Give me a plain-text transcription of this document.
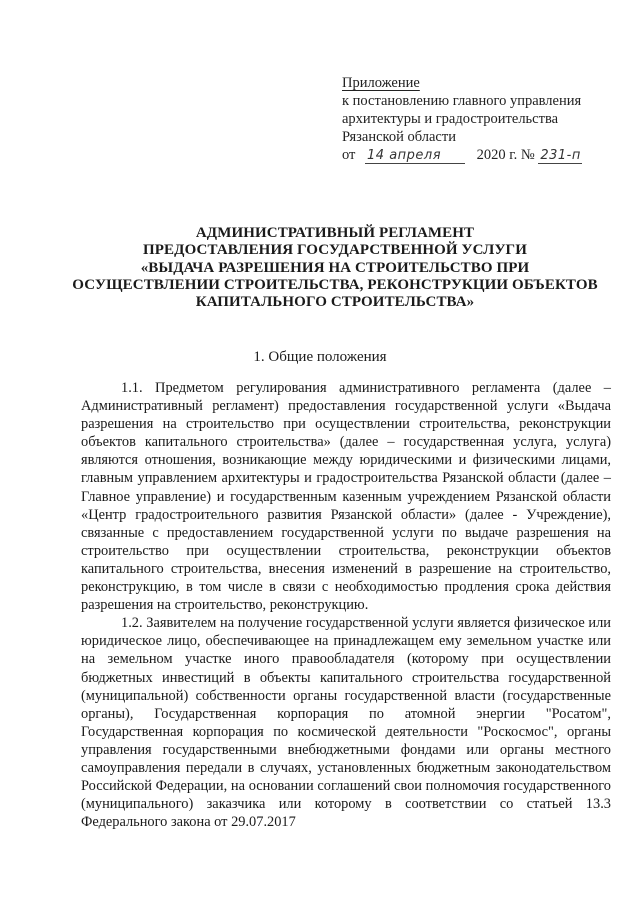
Приложение
к постановлению главного управления
архитектуры и градостроительства
Рязанской области
от 14 апреля 2020 г. № 231-п
АДМИНИСТРАТИВНЫЙ РЕГЛАМЕНТ
ПРЕДОСТАВЛЕНИЯ ГОСУДАРСТВЕННОЙ УСЛУГИ
«ВЫДАЧА РАЗРЕШЕНИЯ НА СТРОИТЕЛЬСТВО ПРИ
ОСУЩЕСТВЛЕНИИ СТРОИТЕЛЬСТВА, РЕКОНСТРУКЦИИ ОБЪЕКТОВ
КАПИТАЛЬНОГО СТРОИТЕЛЬСТВА»
1. Общие положения

1.1. Предметом регулирования административного регламента (далее – Административный регламент) предоставления государственной услуги «Выдача разрешения на строительство при осуществлении строительства, реконструкции объектов капитального строительства» (далее – государственная услуга, услуга) являются отношения, возникающие между юридическими и физическими лицами, главным управлением архитектуры и градостроительства Рязанской области (далее – Главное управление) и государственным казенным учреждением Рязанской области «Центр градостроительного развития Рязанской области» (далее - Учреждение), связанные с предоставлением государственной услуги по выдаче разрешения на строительство при осуществлении строительства, реконструкции объектов капитального строительства, внесения изменений в разрешение на строительство, реконструкцию, в том числе в связи с необходимостью продления срока действия разрешения на строительство, реконструкцию.

1.2. Заявителем на получение государственной услуги является физическое или юридическое лицо, обеспечивающее на принадлежащем ему земельном участке или на земельном участке иного правообладателя (которому при осуществлении бюджетных инвестиций в объекты капитального строительства государственной (муниципальной) собственности органы государственной власти (государственные органы), Государственная корпорация по атомной энергии "Росатом", Государственная корпорация по космической деятельности "Роскосмос", органы управления государственными внебюджетными фондами или органы местного самоуправления передали в случаях, установленных бюджетным законодательством Российской Федерации, на основании соглашений свои полномочия государственного (муниципального) заказчика или которому в соответствии со статьей 13.3 Федерального закона от 29.07.2017
